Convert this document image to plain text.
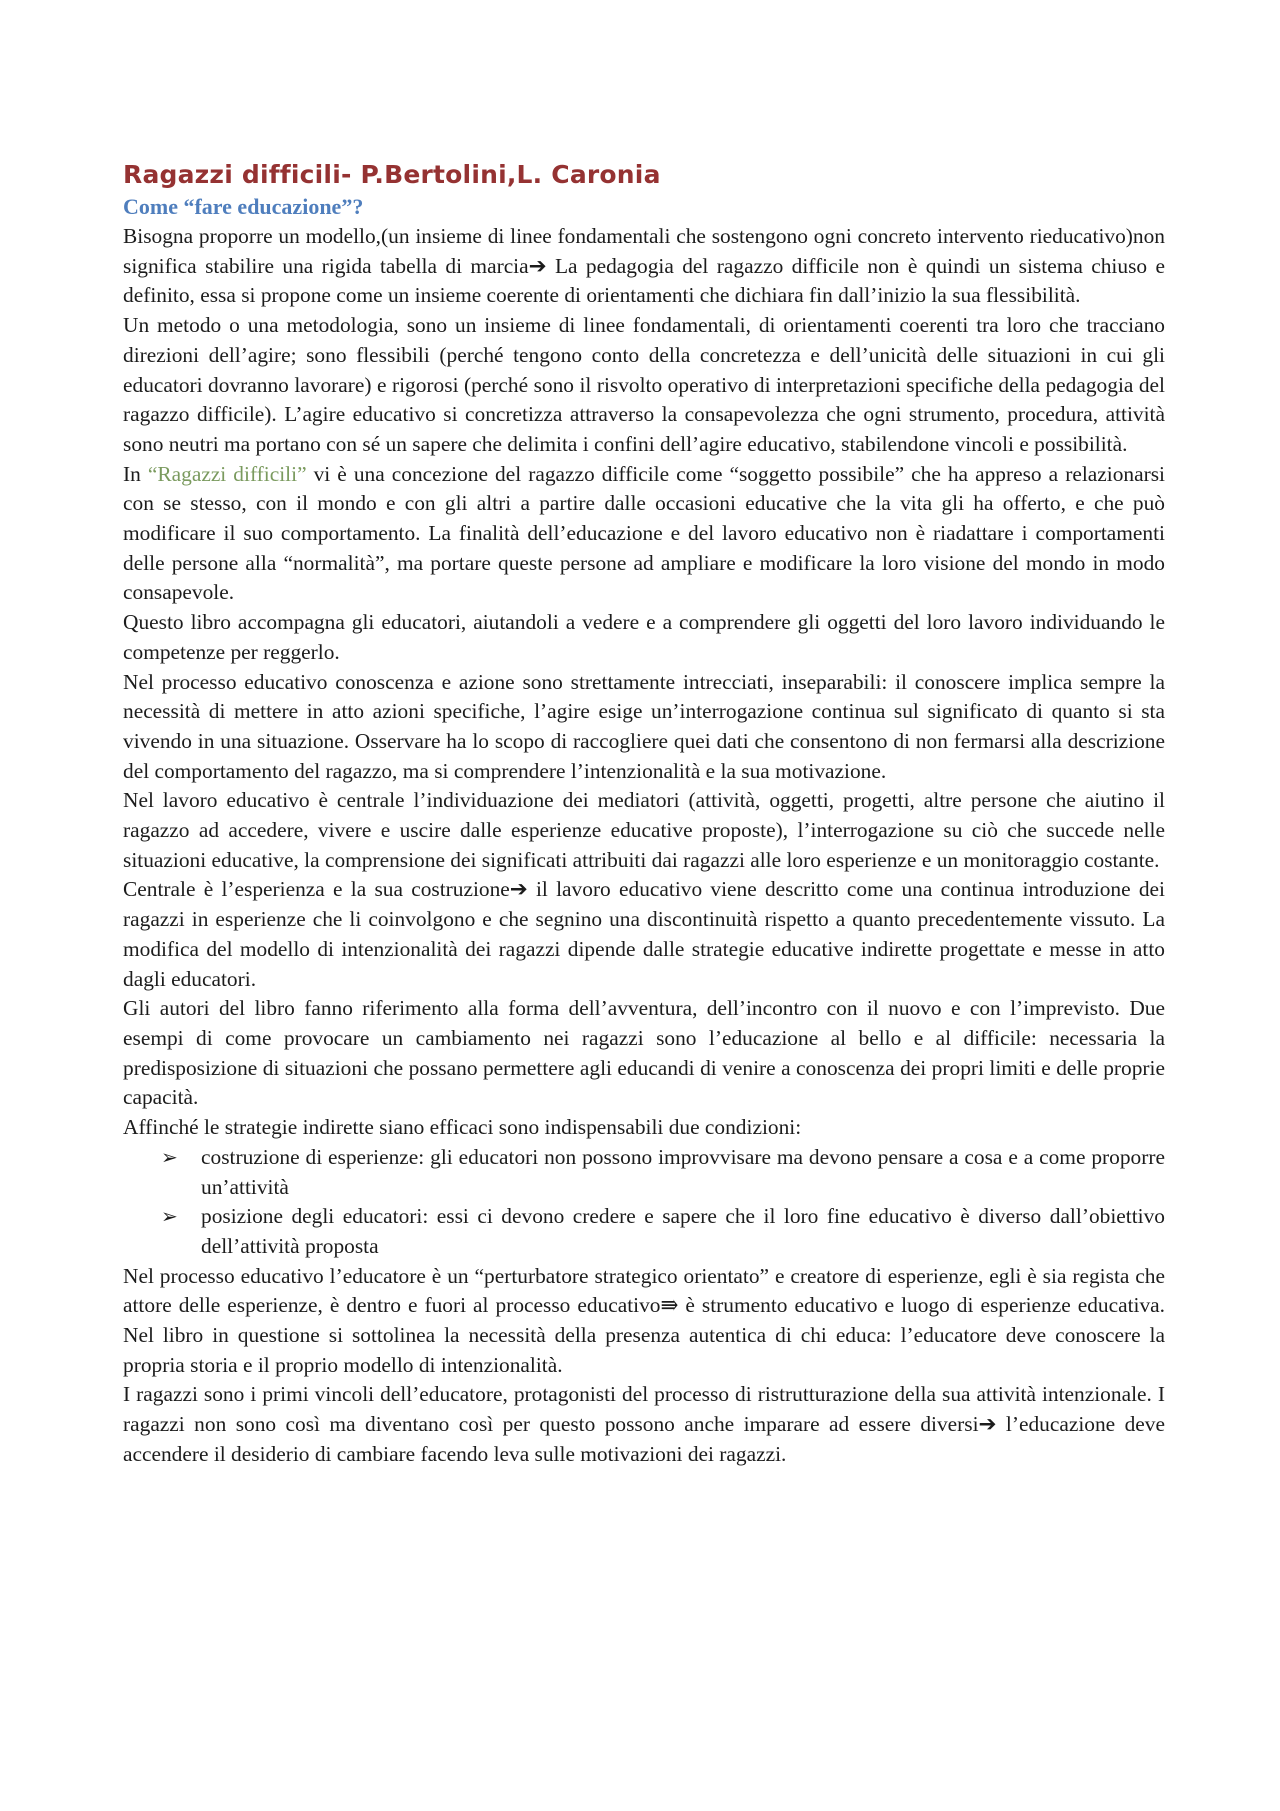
Ragazzi difficili- P.Bertolini,L. Caronia
Come “fare educazione”?

Bisogna proporre un modello,(un insieme di linee fondamentali che sostengono ogni concreto intervento rieducativo)non significa stabilire una rigida tabella di marcia➔ La pedagogia del ragazzo difficile non è quindi un sistema chiuso e definito, essa si propone come un insieme coerente di orientamenti che dichiara fin dall’inizio la sua flessibilità.

Un metodo o una metodologia, sono un insieme di linee fondamentali, di orientamenti coerenti tra loro che tracciano direzioni dell’agire; sono flessibili (perché tengono conto della concretezza e dell’unicità delle situazioni in cui gli educatori dovranno lavorare) e rigorosi (perché sono il risvolto operativo di interpretazioni specifiche della pedagogia del ragazzo difficile). L’agire educativo si concretizza attraverso la consapevolezza che ogni strumento, procedura, attività sono neutri ma portano con sé un sapere che delimita i confini dell’agire educativo, stabilendone vincoli e possibilità.

In “Ragazzi difficili” vi è una concezione del ragazzo difficile come “soggetto possibile” che ha appreso a relazionarsi con se stesso, con il mondo e con gli altri a partire dalle occasioni educative che la vita gli ha offerto, e che può modificare il suo comportamento. La finalità dell’educazione e del lavoro educativo non è riadattare i comportamenti delle persone alla “normalità”, ma portare queste persone ad ampliare e modificare la loro visione del mondo in modo consapevole.

Questo libro accompagna gli educatori, aiutandoli a vedere e a comprendere gli oggetti del loro lavoro individuando le competenze per reggerlo.

Nel processo educativo conoscenza e azione sono strettamente intrecciati, inseparabili: il conoscere implica sempre la necessità di mettere in atto azioni specifiche, l’agire esige un’interrogazione continua sul significato di quanto si sta vivendo in una situazione. Osservare ha lo scopo di raccogliere quei dati che consentono di non fermarsi alla descrizione del comportamento del ragazzo, ma si comprendere l’intenzionalità e la sua motivazione.

Nel lavoro educativo è centrale l’individuazione dei mediatori (attività, oggetti, progetti, altre persone che aiutino il ragazzo ad accedere, vivere e uscire dalle esperienze educative proposte), l’interrogazione su ciò che succede nelle situazioni educative, la comprensione dei significati attribuiti dai ragazzi alle loro esperienze e un monitoraggio costante.

Centrale è l’esperienza e la sua costruzione➔ il lavoro educativo viene descritto come una continua introduzione dei ragazzi in esperienze che li coinvolgono e che segnino una discontinuità rispetto a quanto precedentemente vissuto. La modifica del modello di intenzionalità dei ragazzi dipende dalle strategie educative indirette progettate e messe in atto dagli educatori.

Gli autori del libro fanno riferimento alla forma dell’avventura, dell’incontro con il nuovo e con l’imprevisto. Due esempi di come provocare un cambiamento nei ragazzi sono l’educazione al bello e al difficile: necessaria la predisposizione di situazioni che possano permettere agli educandi di venire a conoscenza dei propri limiti e delle proprie capacità.

Affinché le strategie indirette siano efficaci sono indispensabili due condizioni:

➢ costruzione di esperienze: gli educatori non possono improvvisare ma devono pensare a cosa e a come proporre un’attività
➢ posizione degli educatori: essi ci devono credere e sapere che il loro fine educativo è diverso dall’obiettivo dell’attività proposta

Nel processo educativo l’educatore è un “perturbatore strategico orientato” e creatore di esperienze, egli è sia regista che attore delle esperienze, è dentro e fuori al processo educativo⇛ è strumento educativo e luogo di esperienze educativa. Nel libro in questione si sottolinea la necessità della presenza autentica di chi educa: l’educatore deve conoscere la propria storia e il proprio modello di intenzionalità.

I ragazzi sono i primi vincoli dell’educatore, protagonisti del processo di ristrutturazione della sua attività intenzionale. I ragazzi non sono così ma diventano così per questo possono anche imparare ad essere diversi➔ l’educazione deve accendere il desiderio di cambiare facendo leva sulle motivazioni dei ragazzi.
